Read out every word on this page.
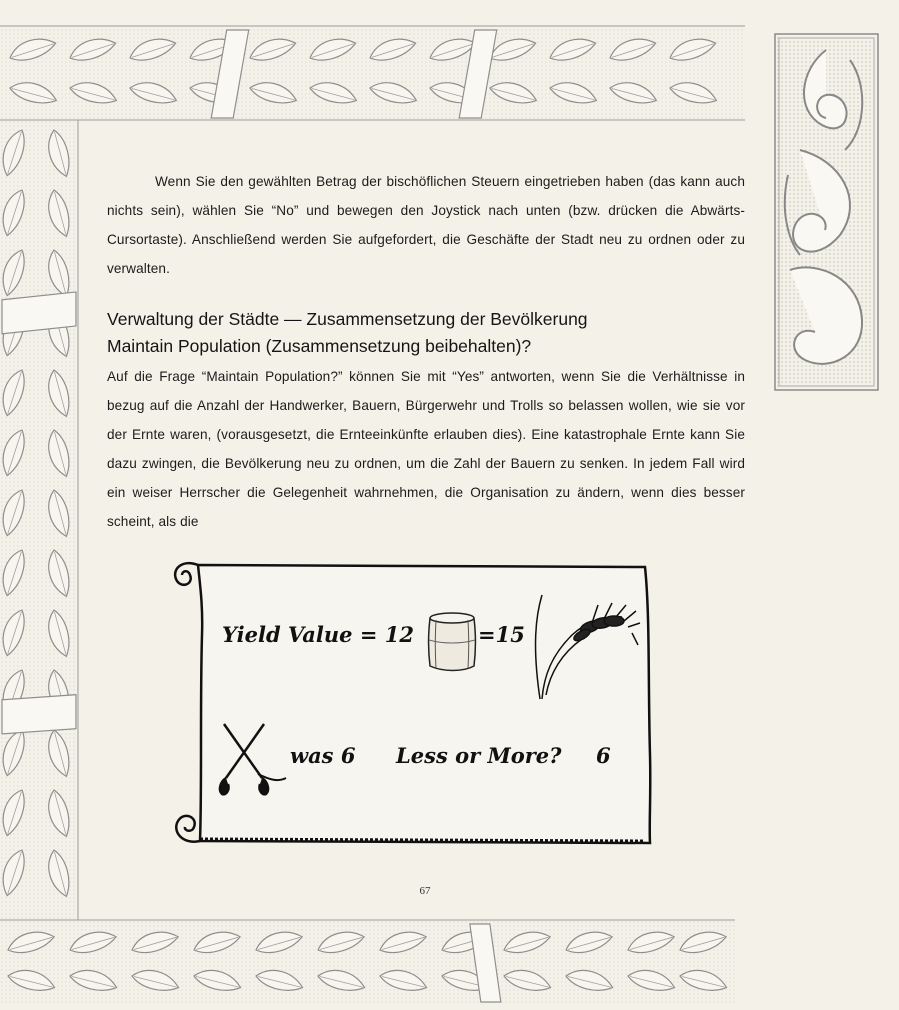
Wenn Sie den gewählten Betrag der bischöflichen Steuern eingetrieben haben (das kann auch nichts sein), wählen Sie “No” und bewegen den Joystick nach unten (bzw. drücken die Abwärts-Cursortaste). Anschließend werden Sie aufgefordert, die Geschäfte der Stadt neu zu ordnen oder zu verwalten.

Verwaltung der Städte — Zusammensetzung der Bevölkerung
Maintain Population (Zusammensetzung beibehalten)?

Auf die Frage “Maintain Population?” können Sie mit “Yes” antworten, wenn Sie die Verhältnisse in bezug auf die Anzahl der Handwerker, Bauern, Bürgerwehr und Trolls so belassen wollen, wie sie vor der Ernte waren, (vorausgesetzt, die Ernteeinkünfte erlauben dies). Eine katastrophale Ernte kann Sie dazu zwingen, die Bevölkerung neu zu ordnen, um die Zahl der Bauern zu senken. In jedem Fall wird ein weiser Herrscher die Gelegenheit wahrnehmen, die Organisation zu ändern, wenn dies besser scheint, als die

Yield Value = 12	=15
was 6 Less or More? 6
67
